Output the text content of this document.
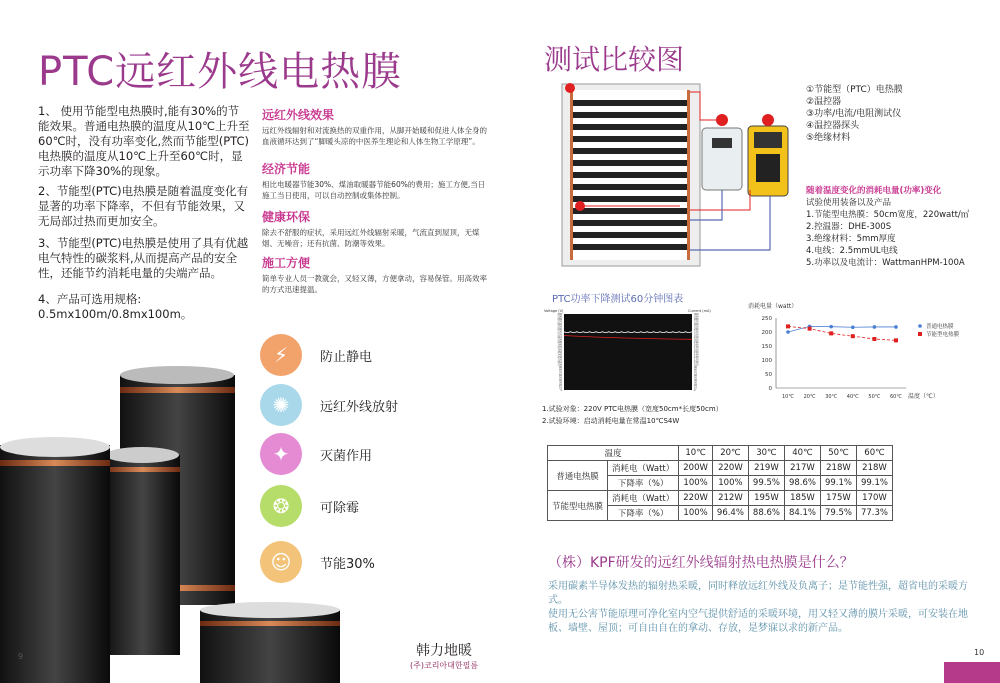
PTC远红外线电热膜
1、 使用节能型电热膜时,能有30%的节能效果。普通电热膜的温度从10℃上升至60℃时，没有功率变化,然而节能型(PTC)电热膜的温度从10℃上升至60℃时，显示功率下降30%的现象。
2、节能型(PTC)电热膜是随着温度变化有显著的功率下降率，不但有节能效果，又无局部过热而更加安全。
3、节能型(PTC)电热膜是使用了具有优越电气特性的碳浆料,从而提高产品的安全性，还能节约消耗电量的尖端产品。
4、产品可选用规格:
0.5mx100m/0.8mx100m。
远红外线效果

远红外线辐射和对流换热的双重作用，从脚开始暖和促进人体全身的血液循环达到了“脚暖头凉的中医养生理论和人体生物工学原理”。

经济节能

相比电暖器节能30%、煤油取暖器节能60%的费用；施工方便,当日施工当日使用，可以自动控制或集体控制。

健康环保

除去不舒服的症状，采用远红外线辐射采暖，气流直到屋顶，无煤烟、无噪音；还有抗菌、防潮等效果。

施工方便

简单专业人员一教就会，又轻又薄，方便拿动，容易保管。用高效率的方式迅速提温。

⚡	防止静电
✺	远红外线放射
✦	灭菌作用
❂	可除霉
☺	节能30%
韩力地暖
(주)코리아대한필름
9
测试比较图
①节能型（PTC）电热膜
②温控器
③功率/电流/电阻测试仪
④温控器探头
⑤绝缘材料
随着温度变化的消耗电量(功率)变化
试验使用装备以及产品
1.节能型电热膜：50cm宽度，220watt/㎡
2.控温器：DHE-300S
3.绝缘材料：5mm厚度
4.电线：2.5mmUL电线
5.功率以及电流计：WattmanHPM-100A
PTC功率下降测试60分钟图表
Voltage (V)	Current (mA)
0	0
10	10
20	20
30	30
40	40
50	50
60	60
70	70
80	80
90	90
100	100
110	110
120	120
130	130
140	140
150	150
160	160
170	170
180	180
190	190
200	200
210	210
220	220
230	230
240	240
250	250
260	260
270	270
280	280
290	290
300	300
消耗电量（watt）
温度（℃）
0
50
100
150
200
250
10℃ 20℃ 30℃ 40℃ 50℃ 60℃
普通电热膜
节能型电热膜
1.试验对象：220V PTC电热膜（宽度50cm*长度50cm）
2.试验环境：启动消耗电量在常温10℃S4W
温度		10℃	20℃	30℃	40℃	50℃	60℃
普通电热膜	消耗电（Watt）	200W	220W	219W	217W	218W	218W
	下降率（%）	100%	100%	99.5%	98.6%	99.1%	99.1%
节能型电热膜	消耗电（Watt）	220W	212W	195W	185W	175W	170W
	下降率（%）	100%	96.4%	88.6%	84.1%	79.5%	77.3%
（株）KPF研发的远红外线辐射热电热膜是什么？
采用碳素半导体发热的辐射热采暖，同时释放远红外线及负离子；是节能性强，超省电的采暖方式。
使用无公害节能原理可净化室内空气提供舒适的采暖环境，用又轻又薄的膜片采暖，可安装在地板、墙壁、屋顶；可自由自在的拿动、存放，是梦寐以求的新产品。
10
